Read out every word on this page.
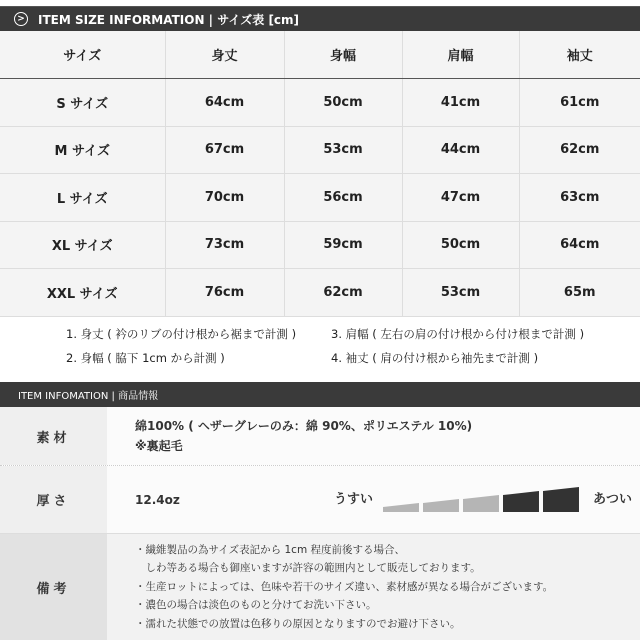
> ITEM SIZE INFORMATION | サイズ表 [cm]
サイズ	身丈	身幅	肩幅	袖丈
S サイズ	64cm	50cm	41cm	61cm
M サイズ	67cm	53cm	44cm	62cm
L サイズ	70cm	56cm	47cm	63cm
XL サイズ	73cm	59cm	50cm	64cm
XXL サイズ	76cm	62cm	53cm	65m
1. 身丈 ( 衿のリブの付け根から裾まで計測 )	3. 肩幅 ( 左右の肩の付け根から付け根まで計測 )
2. 身幅 ( 脇下 1cm から計測 )	4. 袖丈 ( 肩の付け根から袖先まで計測 )
ITEM INFOMATION | 商品情報
素材
綿100% ( ヘザーグレーのみ：綿 90%、ポリエステル 10%)
※裏起毛
厚さ	12.4oz	うすい	あつい
備考
・繊維製品の為サイズ表記から 1cm 程度前後する場合、
　しわ等ある場合も御座いますが許容の範囲内として販売しております。
・生産ロットによっては、色味や若干のサイズ違い、素材感が異なる場合がございます。
・濃色の場合は淡色のものと分けてお洗い下さい。
・濡れた状態での放置は色移りの原因となりますのでお避け下さい。
